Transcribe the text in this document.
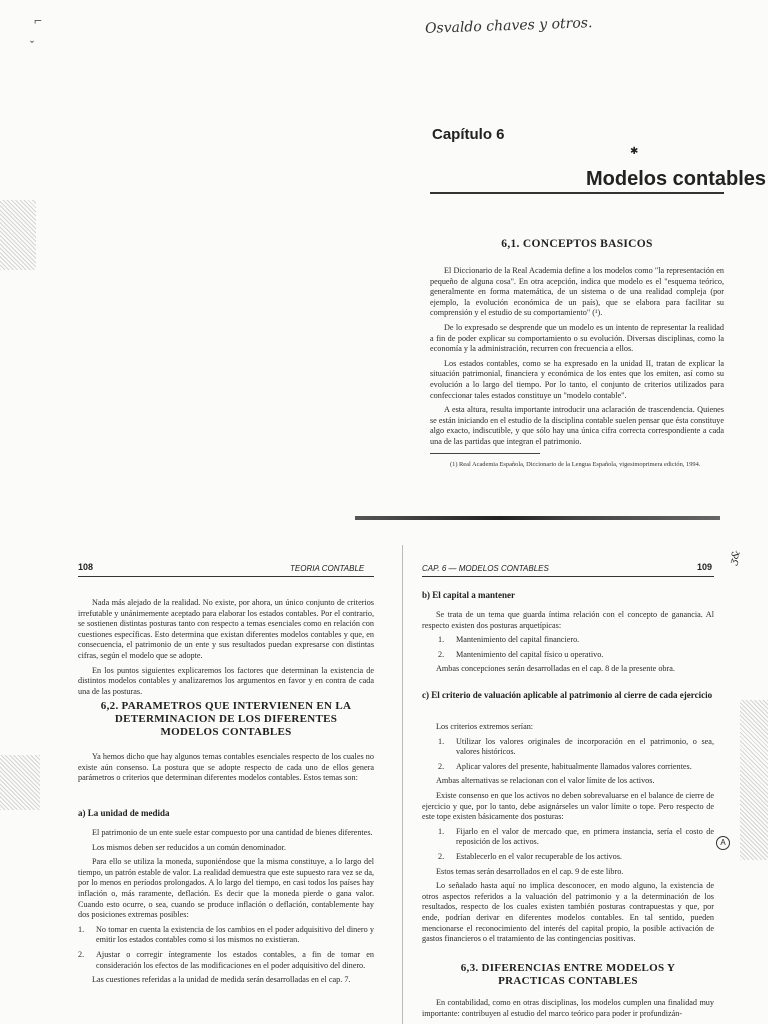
Osvaldo chaves y otros.
⌐
ˇ
Capítulo 6
✱
Modelos contables
6,1. CONCEPTOS BASICOS

El Diccionario de la Real Academia define a los modelos como "la representación en pequeño de alguna cosa". En otra acepción, indica que modelo es el "esquema teórico, generalmente en forma matemática, de un sistema o de una realidad compleja (por ejemplo, la evolución económica de un país), que se elabora para facilitar su comprensión y el estudio de su comportamiento" (¹).

De lo expresado se desprende que un modelo es un intento de representar la realidad a fin de poder explicar su comportamiento o su evolución. Diversas disciplinas, como la economía y la administración, recurren con frecuencia a ellos.

Los estados contables, como se ha expresado en la unidad II, tratan de explicar la situación patrimonial, financiera y económica de los entes que los emiten, así como su evolución a lo largo del tiempo. Por lo tanto, el conjunto de criterios utilizados para confeccionar tales estados constituye un "modelo contable".

A esta altura, resulta importante introducir una aclaración de trascendencia. Quienes se están iniciando en el estudio de la disciplina contable suelen pensar que ésta constituye algo exacto, indiscutible, y que sólo hay una única cifra correcta correspondiente a cada una de las partidas que integran el patrimonio.

(1) Real Academia Española, Diccionario de la Lengua Española, vigesimoprimera edición, 1994.
108	TEORIA CONTABLE

Nada más alejado de la realidad. No existe, por ahora, un único conjunto de criterios irrefutable y unánimemente aceptado para elaborar los estados contables. Por el contrario, se sostienen distintas posturas tanto con respecto a temas esenciales como en relación con cuestiones específicas. Esto determina que existan diferentes modelos contables y que, en consecuencia, el patrimonio de un ente y sus resultados puedan expresarse con distintas cifras, según el modelo que se adopte.

En los puntos siguientes explicaremos los factores que determinan la existencia de distintos modelos contables y analizaremos los argumentos en favor y en contra de cada una de las posturas.

6,2. PARAMETROS QUE INTERVIENEN EN LA DETERMINACION DE LOS DIFERENTES MODELOS CONTABLES

Ya hemos dicho que hay algunos temas contables esenciales respecto de los cuales no existe aún consenso. La postura que se adopte respecto de cada uno de ellos genera parámetros o criterios que determinan diferentes modelos contables. Estos temas son:

a) La unidad de medida

El patrimonio de un ente suele estar compuesto por una cantidad de bienes diferentes.

Los mismos deben ser reducidos a un común denominador.

Para ello se utiliza la moneda, suponiéndose que la misma constituye, a lo largo del tiempo, un patrón estable de valor. La realidad demuestra que este supuesto rara vez se da, por lo menos en períodos prolongados. A lo largo del tiempo, en casi todos los países hay inflación o, más raramente, deflación. Es decir que la moneda pierde o gana valor. Cuando esto ocurre, o sea, cuando se produce inflación o deflación, contablemente hay dos posiciones extremas posibles:

1. No tomar en cuenta la existencia de los cambios en el poder adquisitivo del dinero y emitir los estados contables como si los mismos no existieran.
2. Ajustar o corregir íntegramente los estados contables, a fin de tomar en consideración los efectos de las modificaciones en el poder adquisitivo del dinero.

Las cuestiones referidas a la unidad de medida serán desarrolladas en el cap. 7.

CAP. 6 — MODELOS CONTABLES	109
b) El capital a mantener

Se trata de un tema que guarda íntima relación con el concepto de ganancia. Al respecto existen dos posturas arquetípicas:

1. Mantenimiento del capital financiero.
2. Mantenimiento del capital físico u operativo.

Ambas concepciones serán desarrolladas en el cap. 8 de la presente obra.

c) El criterio de valuación aplicable al patrimonio al cierre de cada ejercicio

Los criterios extremos serían:

1. Utilizar los valores originales de incorporación en el patrimonio, o sea, valores históricos.
2. Aplicar valores del presente, habitualmente llamados valores corrientes.

Ambas alternativas se relacionan con el valor límite de los activos.

Existe consenso en que los activos no deben sobrevaluarse en el balance de cierre de ejercicio y que, por lo tanto, debe asignárseles un valor límite o tope. Pero respecto de este tope existen básicamente dos posturas:

1. Fijarlo en el valor de mercado que, en primera instancia, sería el costo de reposición de los activos.
2. Establecerlo en el valor recuperable de los activos.

Estos temas serán desarrollados en el cap. 9 de este libro.

Lo señalado hasta aquí no implica desconocer, en modo alguno, la existencia de otros aspectos referidos a la valuación del patrimonio y a la determinación de los resultados, respecto de los cuales existen también posturas contrapuestas y que, por ende, podrían derivar en diferentes modelos contables. En tal sentido, pueden mencionarse el reconocimiento del interés del capital propio, la posible activación de gastos financieros o el tratamiento de las contingencias positivas.

A
6,3. DIFERENCIAS ENTRE MODELOS Y PRACTICAS CONTABLES

En contabilidad, como en otras disciplinas, los modelos cumplen una finalidad muy importante: contribuyen al estudio del marco teórico para poder ir profundizán-

ʒ&
